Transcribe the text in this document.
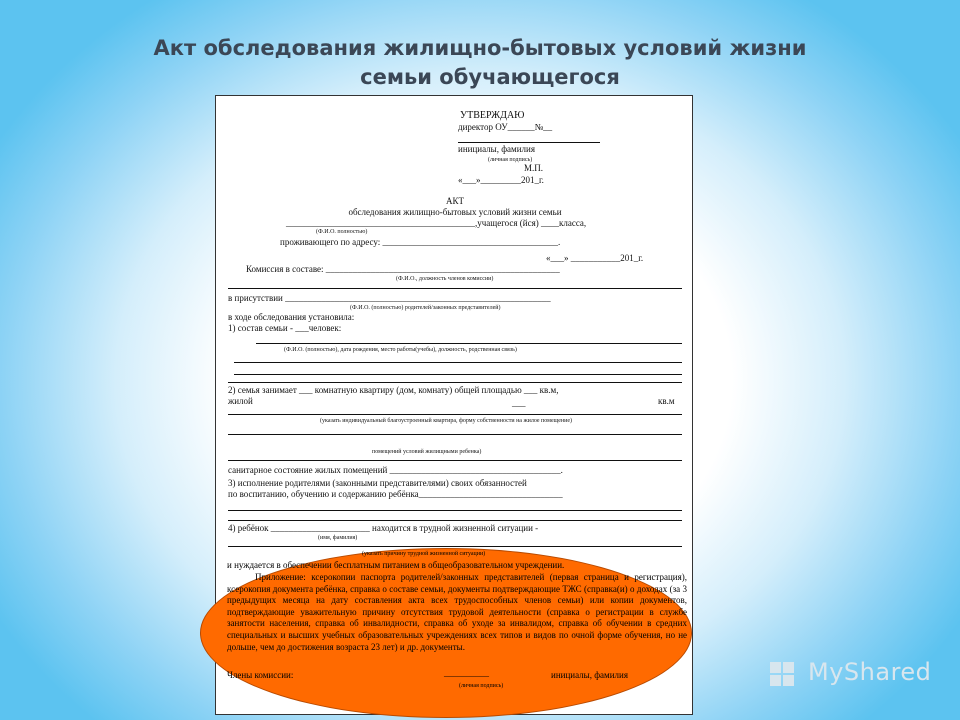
Акт обследования жилищно-бытовых условий жизни
семьи обучающегося
УТВЕРЖДАЮ
директор ОУ______№__
инициалы, фамилия
(личная подпись)
М.П.
«___»_________201_г.
АКТ
обследования жилищно-бытовых условий жизни семьи
__________________________________________,учащегося (йся) ____класса,
(Ф.И.О. полностью)
проживающего по адресу: _______________________________________.
«___» ___________201_г.
Комиссия в составе: ____________________________________________________
(Ф.И.О., должность членов комиссии)
в присутствии ___________________________________________________________
(Ф.И.О. (полностью) родителей/законных представителей)
в ходе обследования установила:
1) состав семьи - ___человек:
(Ф.И.О. (полностью), дата рождения, место работы(учебы), должность, родственная связь)
2) семья занимает ___ комнатную квартиру (дом, комнату) общей площадью ___ кв.м,
жилой	___	кв.м
(указать индивидуальный благоустроенный квартира, форму собственности на жилое помещение)
помещений условий жилищными ребенка)
санитарное состояние жилых помещений ______________________________________.
3) исполнение родителями (законными представителями) своих обязанностей
по воспитанию, обучению и содержанию ребёнка________________________________
4) ребёнок ______________________ находится в трудной жизненной ситуации -
(имя, фамилия)
(указать причину трудной жизненной ситуации)
и нуждается в обеспечении бесплатным питанием в общеобразовательном учреждении.
Приложение: ксерокопии паспорта родителей/законных представителей (первая страница и регистрация), ксерокопия документа ребёнка, справка о составе семьи, документы подтверждающие ТЖС (справка(и) о доходах (за 3 предыдущих месяца на дату составления акта всех трудоспособных членов семьи) или копии документов, подтверждающие уважительную причину отсутствия трудовой деятельности (справка о регистрации в службе занятости населения, справка об инвалидности, справка об уходе за инвалидом, справка об обучении в средних специальных и высших учебных образовательных учреждениях всех типов и видов по очной форме обучения, но не дольше, чем до достижения возраста 23 лет) и др. документы.
Члены комиссии:	__________	инициалы, фамилия
(личная подпись)	MyShared
